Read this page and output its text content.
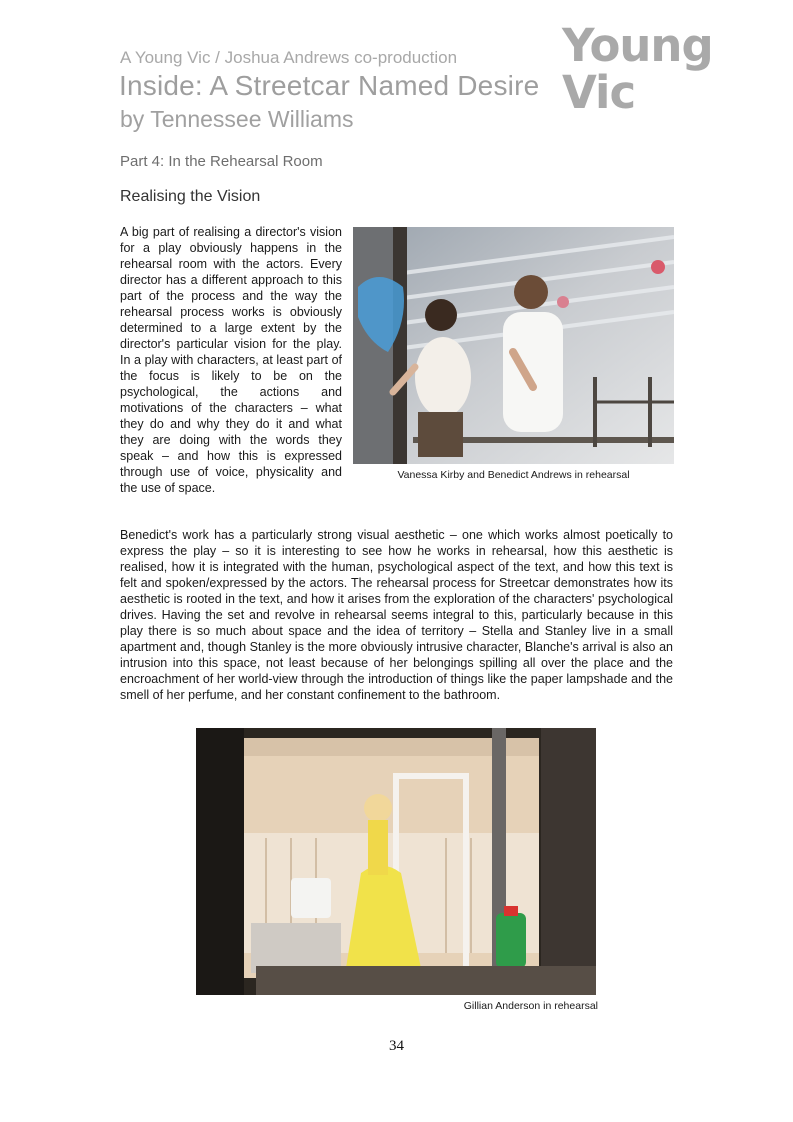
A Young Vic / Joshua Andrews co-production
Inside: A Streetcar Named Desire
by Tennessee Williams
Young
Vic
Part 4: In the Rehearsal Room
Realising the Vision
A big part of realising a director's vision for a play obviously happens in the rehearsal room with the actors. Every director has a different approach to this part of the process and the way the rehearsal process works is obviously determined to a large extent by the director's particular vision for the play. In a play with characters, at least part of the focus is likely to be on the psychological, the actions and motivations of the characters – what they do and why they do it and what they are doing with the words they speak – and how this is expressed through use of voice, physicality and the use of space.
Vanessa Kirby and Benedict Andrews in rehearsal
Benedict's work has a particularly strong visual aesthetic – one which works almost poetically to express the play – so it is interesting to see how he works in rehearsal, how this aesthetic is realised, how it is integrated with the human, psychological aspect of the text, and how this text is felt and spoken/expressed by the actors. The rehearsal process for Streetcar demonstrates how its aesthetic is rooted in the text, and how it arises from the exploration of the characters' psychological drives. Having the set and revolve in rehearsal seems integral to this, particularly because in this play there is so much about space and the idea of territory – Stella and Stanley live in a small apartment and, though Stanley is the more obviously intrusive character, Blanche's arrival is also an intrusion into this space, not least because of her belongings spilling all over the place and the encroachment of her world-view through the introduction of things like the paper lampshade and the smell of her perfume, and her constant confinement to the bathroom.
Gillian Anderson in rehearsal
34
